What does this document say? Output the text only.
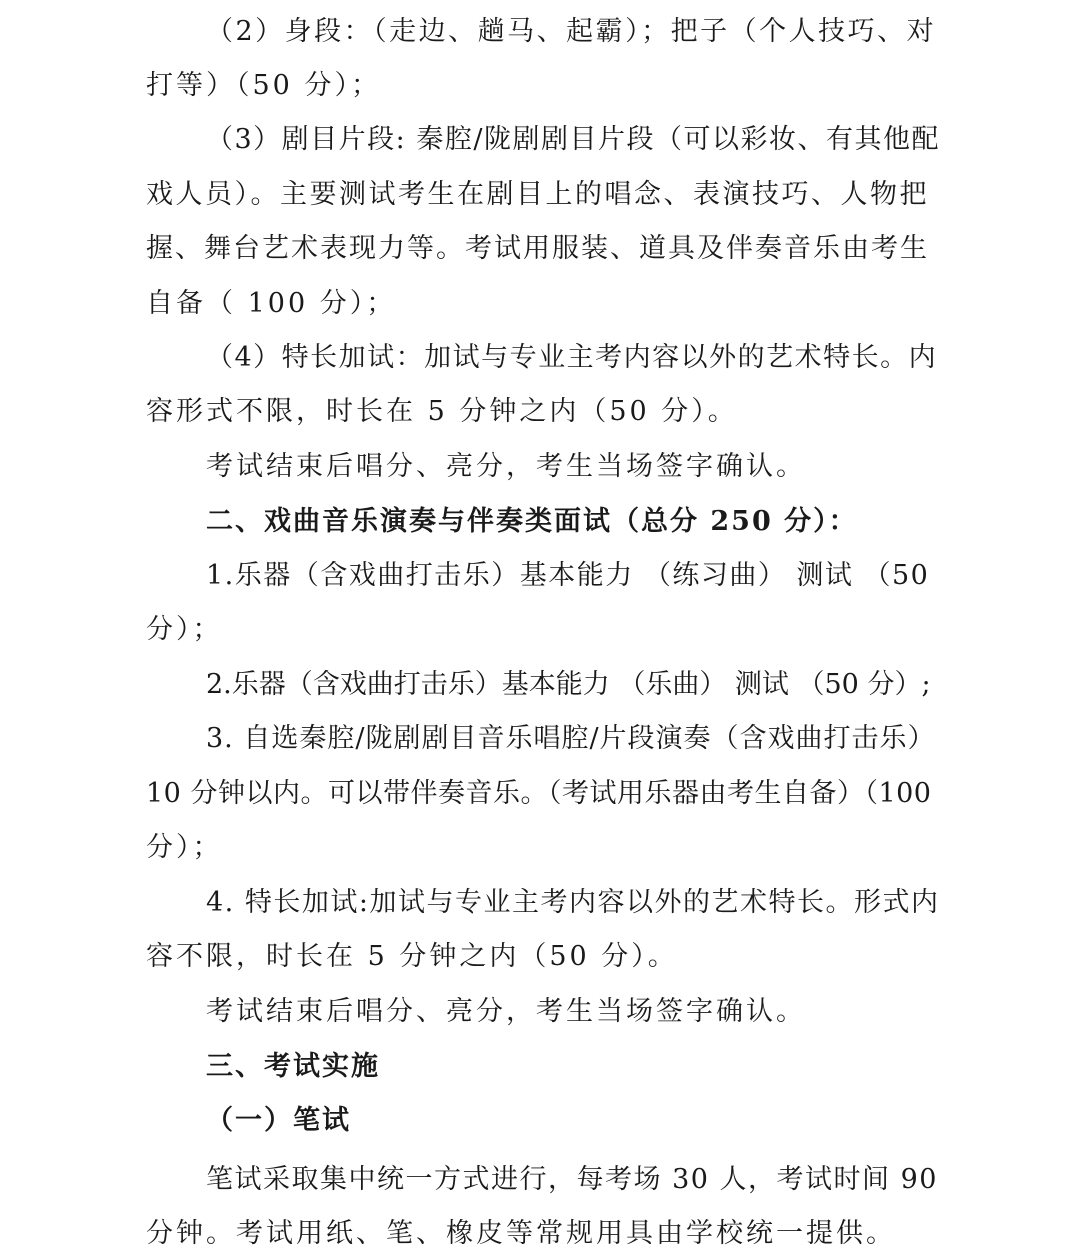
（2）身段：（走边、趟马、起霸）；把子（个人技巧、对
打等）（50 分）；
（3）剧目片段: 秦腔/陇剧剧目片段（可以彩妆、有其他配
戏人员）。主要测试考生在剧目上的唱念、表演技巧、人物把
握、舞台艺术表现力等。考试用服装、道具及伴奏音乐由考生
自备（ 100 分）；
（4）特长加试：加试与专业主考内容以外的艺术特长。内
容形式不限，时长在 5 分钟之内（50 分）。
考试结束后唱分、亮分，考生当场签字确认。
二、戏曲音乐演奏与伴奏类面试（总分 250 分）：
1.乐器（含戏曲打击乐）基本能力 （练习曲） 测试 （50
分）；
2.乐器（含戏曲打击乐）基本能力 （乐曲） 测试 （50 分）;
3. 自选秦腔/陇剧剧目音乐唱腔/片段演奏（含戏曲打击乐）
10 分钟以内。可以带伴奏音乐。（考试用乐器由考生自备）（100
分）；
4. 特长加试:加试与专业主考内容以外的艺术特长。形式内
容不限，时长在 5 分钟之内（50 分）。
考试结束后唱分、亮分，考生当场签字确认。
三、考试实施
（一）笔试
笔试采取集中统一方式进行，每考场 30 人，考试时间 90
分钟。考试用纸、笔、橡皮等常规用具由学校统一提供。
